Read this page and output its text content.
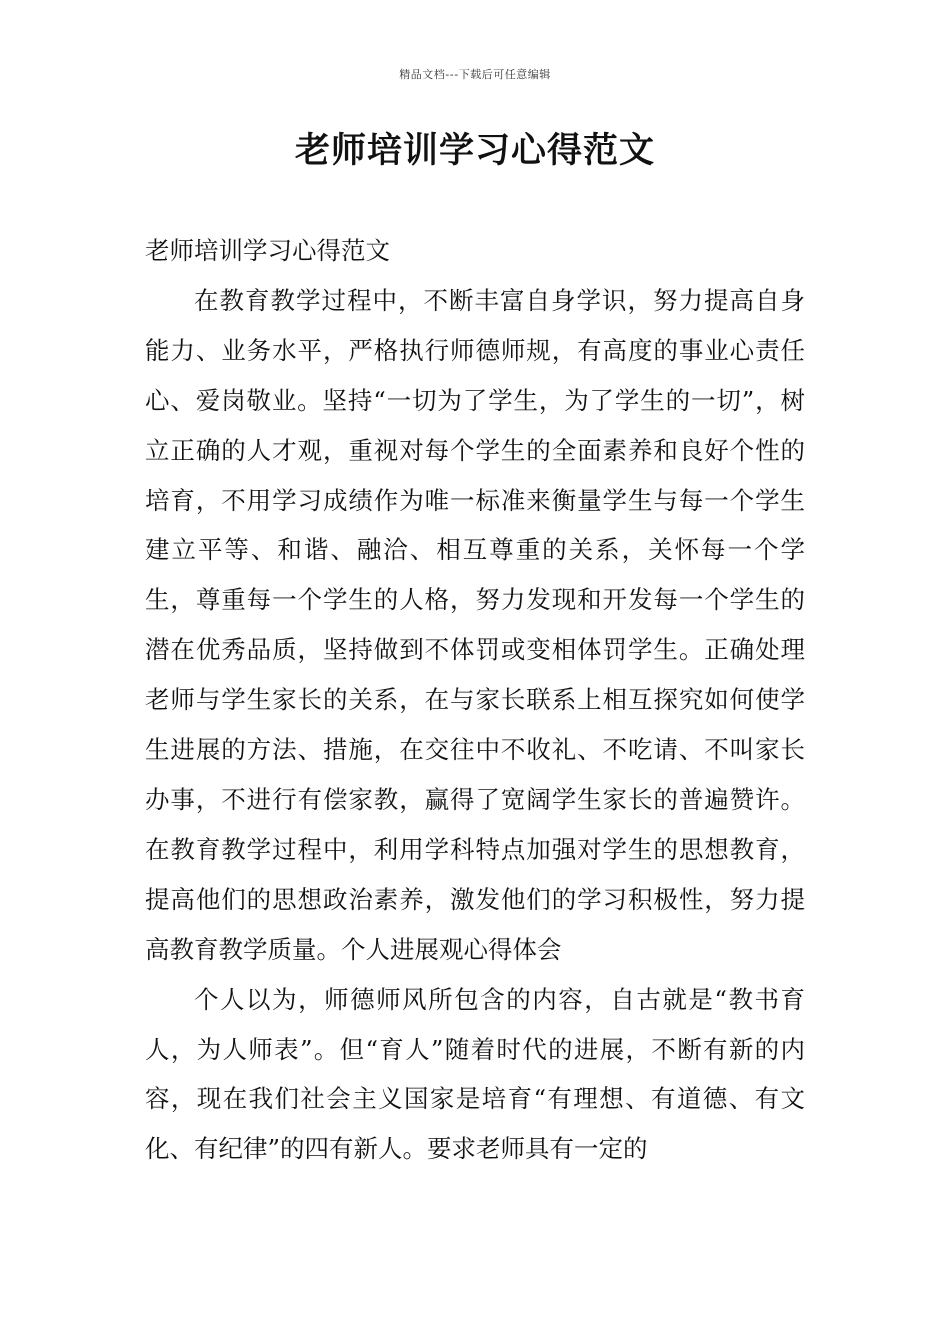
精品文档---下载后可任意编辑
老师培训学习心得范文

老师培训学习心得范文

在教育教学过程中，不断丰富自身学识，努力提高自身能力、业务水平，严格执行师德师规，有高度的事业心责任心、爱岗敬业。坚持“一切为了学生，为了学生的一切”，树立正确的人才观，重视对每个学生的全面素养和良好个性的培育，不用学习成绩作为唯一标准来衡量学生与每一个学生建立平等、和谐、融洽、相互尊重的关系，关怀每一个学生，尊重每一个学生的人格，努力发现和开发每一个学生的潜在优秀品质，坚持做到不体罚或变相体罚学生。正确处理老师与学生家长的关系，在与家长联系上相互探究如何使学生进展的方法、措施，在交往中不收礼、不吃请、不叫家长办事，不进行有偿家教，赢得了宽阔学生家长的普遍赞许。在教育教学过程中，利用学科特点加强对学生的思想教育，提高他们的思想政治素养，激发他们的学习积极性，努力提高教育教学质量。个人进展观心得体会

个人以为，师德师风所包含的内容，自古就是“教书育人，为人师表”。但“育人”随着时代的进展，不断有新的内容，现在我们社会主义国家是培育“有理想、有道德、有文化、有纪律”的四有新人。要求老师具有一定的
